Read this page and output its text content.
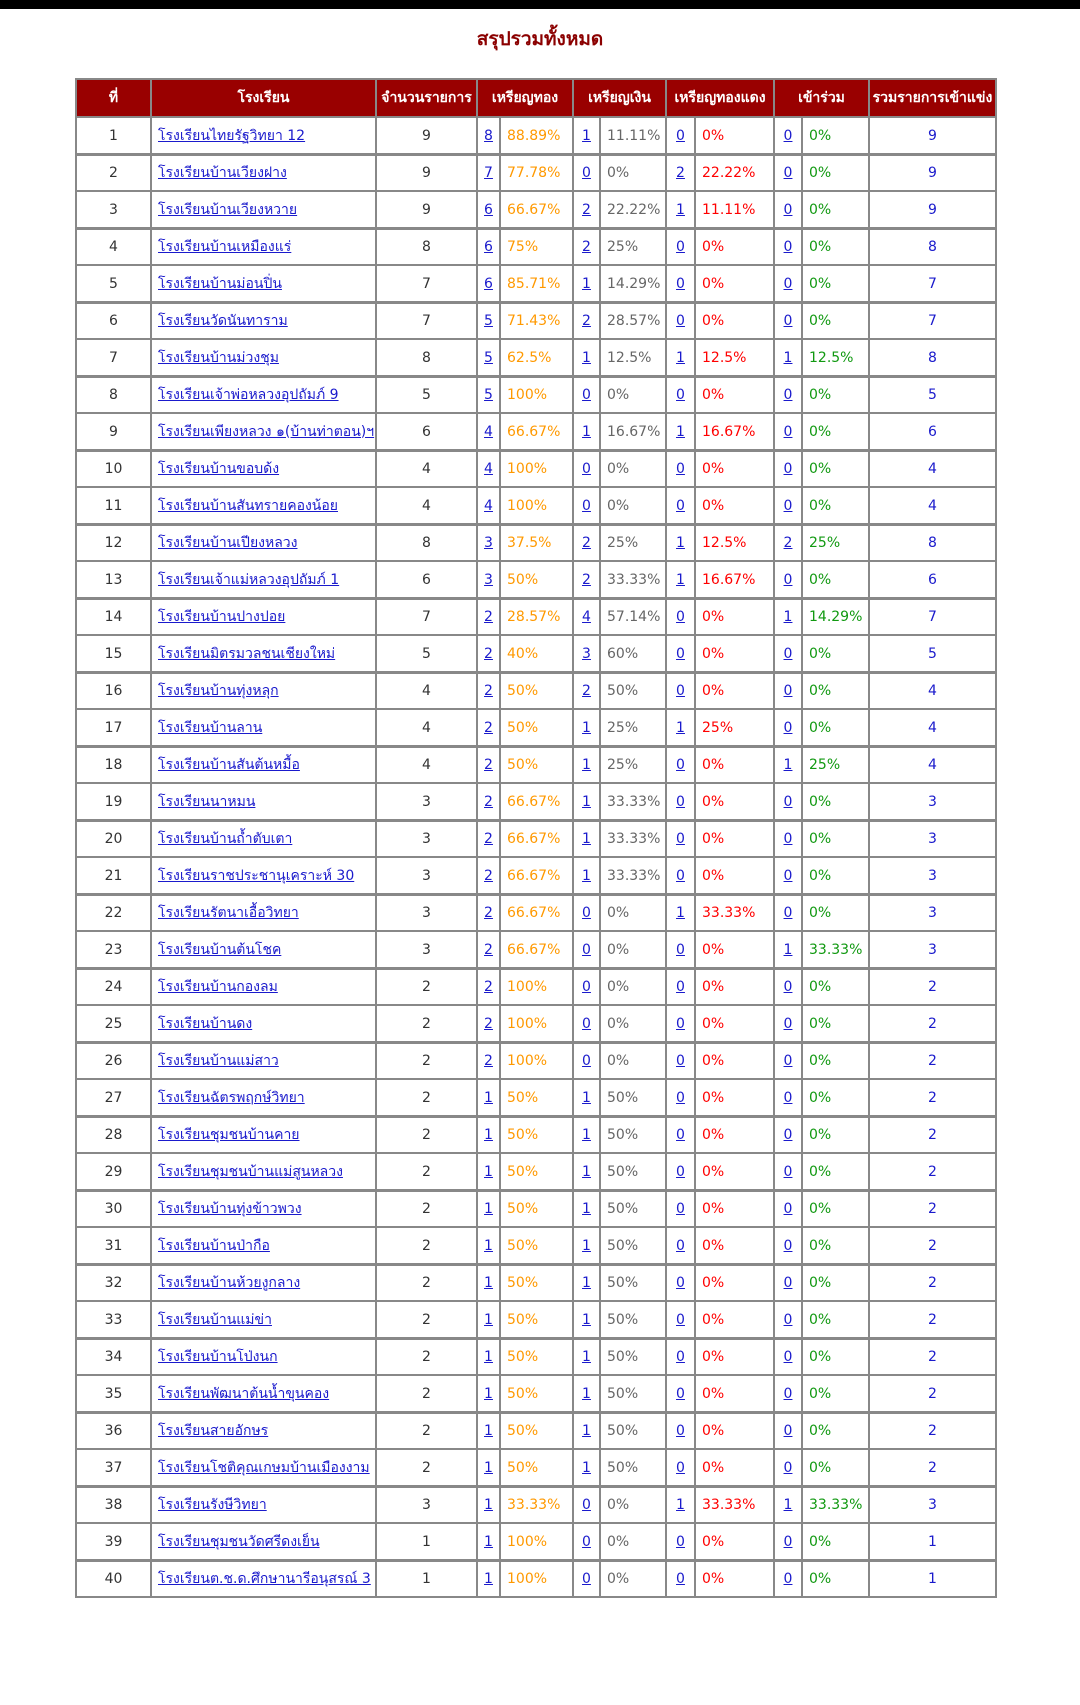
สรุปรวมทั้งหมด
ที่	โรงเรียน	จำนวนรายการ	เหรียญทอง		เหรียญเงิน		เหรียญทองแดง		เข้าร่วม		รวมรายการเข้าแข่ง
1	โรงเรียนไทยรัฐวิทยา 12	9	8	88.89%	1	11.11%	0	0%	0	0%	9
2	โรงเรียนบ้านเวียงฝาง	9	7	77.78%	0	0%	2	22.22%	0	0%	9
3	โรงเรียนบ้านเวียงหวาย	9	6	66.67%	2	22.22%	1	11.11%	0	0%	9
4	โรงเรียนบ้านเหมืองแร่	8	6	75%	2	25%	0	0%	0	0%	8
5	โรงเรียนบ้านม่อนปิ่น	7	6	85.71%	1	14.29%	0	0%	0	0%	7
6	โรงเรียนวัดนันทาราม	7	5	71.43%	2	28.57%	0	0%	0	0%	7
7	โรงเรียนบ้านม่วงชุม	8	5	62.5%	1	12.5%	1	12.5%	1	12.5%	8
8	โรงเรียนเจ้าพ่อหลวงอุปถัมภ์ 9	5	5	100%	0	0%	0	0%	0	0%	5
9	โรงเรียนเพียงหลวง ๑(บ้านท่าตอน)ฯ	6	4	66.67%	1	16.67%	1	16.67%	0	0%	6
10	โรงเรียนบ้านขอบด้ง	4	4	100%	0	0%	0	0%	0	0%	4
11	โรงเรียนบ้านสันทรายคองน้อย	4	4	100%	0	0%	0	0%	0	0%	4
12	โรงเรียนบ้านเปียงหลวง	8	3	37.5%	2	25%	1	12.5%	2	25%	8
13	โรงเรียนเจ้าแม่หลวงอุปถัมภ์ 1	6	3	50%	2	33.33%	1	16.67%	0	0%	6
14	โรงเรียนบ้านปางปอย	7	2	28.57%	4	57.14%	0	0%	1	14.29%	7
15	โรงเรียนมิตรมวลชนเชียงใหม่	5	2	40%	3	60%	0	0%	0	0%	5
16	โรงเรียนบ้านทุ่งหลุก	4	2	50%	2	50%	0	0%	0	0%	4
17	โรงเรียนบ้านลาน	4	2	50%	1	25%	1	25%	0	0%	4
18	โรงเรียนบ้านสันต้นหมื้อ	4	2	50%	1	25%	0	0%	1	25%	4
19	โรงเรียนนาหมน	3	2	66.67%	1	33.33%	0	0%	0	0%	3
20	โรงเรียนบ้านถ้ำตับเตา	3	2	66.67%	1	33.33%	0	0%	0	0%	3
21	โรงเรียนราชประชานุเคราะห์ 30	3	2	66.67%	1	33.33%	0	0%	0	0%	3
22	โรงเรียนรัตนาเอื้อวิทยา	3	2	66.67%	0	0%	1	33.33%	0	0%	3
23	โรงเรียนบ้านต้นโชค	3	2	66.67%	0	0%	0	0%	1	33.33%	3
24	โรงเรียนบ้านกองลม	2	2	100%	0	0%	0	0%	0	0%	2
25	โรงเรียนบ้านดง	2	2	100%	0	0%	0	0%	0	0%	2
26	โรงเรียนบ้านแม่สาว	2	2	100%	0	0%	0	0%	0	0%	2
27	โรงเรียนฉัตรพฤกษ์วิทยา	2	1	50%	1	50%	0	0%	0	0%	2
28	โรงเรียนชุมชนบ้านคาย	2	1	50%	1	50%	0	0%	0	0%	2
29	โรงเรียนชุมชนบ้านแม่สูนหลวง	2	1	50%	1	50%	0	0%	0	0%	2
30	โรงเรียนบ้านทุ่งข้าวพวง	2	1	50%	1	50%	0	0%	0	0%	2
31	โรงเรียนบ้านป่ากือ	2	1	50%	1	50%	0	0%	0	0%	2
32	โรงเรียนบ้านห้วยงูกลาง	2	1	50%	1	50%	0	0%	0	0%	2
33	โรงเรียนบ้านแม่ข่า	2	1	50%	1	50%	0	0%	0	0%	2
34	โรงเรียนบ้านโป่งนก	2	1	50%	1	50%	0	0%	0	0%	2
35	โรงเรียนพัฒนาต้นน้ำขุนคอง	2	1	50%	1	50%	0	0%	0	0%	2
36	โรงเรียนสายอักษร	2	1	50%	1	50%	0	0%	0	0%	2
37	โรงเรียนโชติคุณเกษมบ้านเมืองงาม	2	1	50%	1	50%	0	0%	0	0%	2
38	โรงเรียนรังษีวิทยา	3	1	33.33%	0	0%	1	33.33%	1	33.33%	3
39	โรงเรียนชุมชนวัดศรีดงเย็น	1	1	100%	0	0%	0	0%	0	0%	1
40	โรงเรียนต.ช.ด.ศึกษานารีอนุสรณ์ 3	1	1	100%	0	0%	0	0%	0	0%	1
